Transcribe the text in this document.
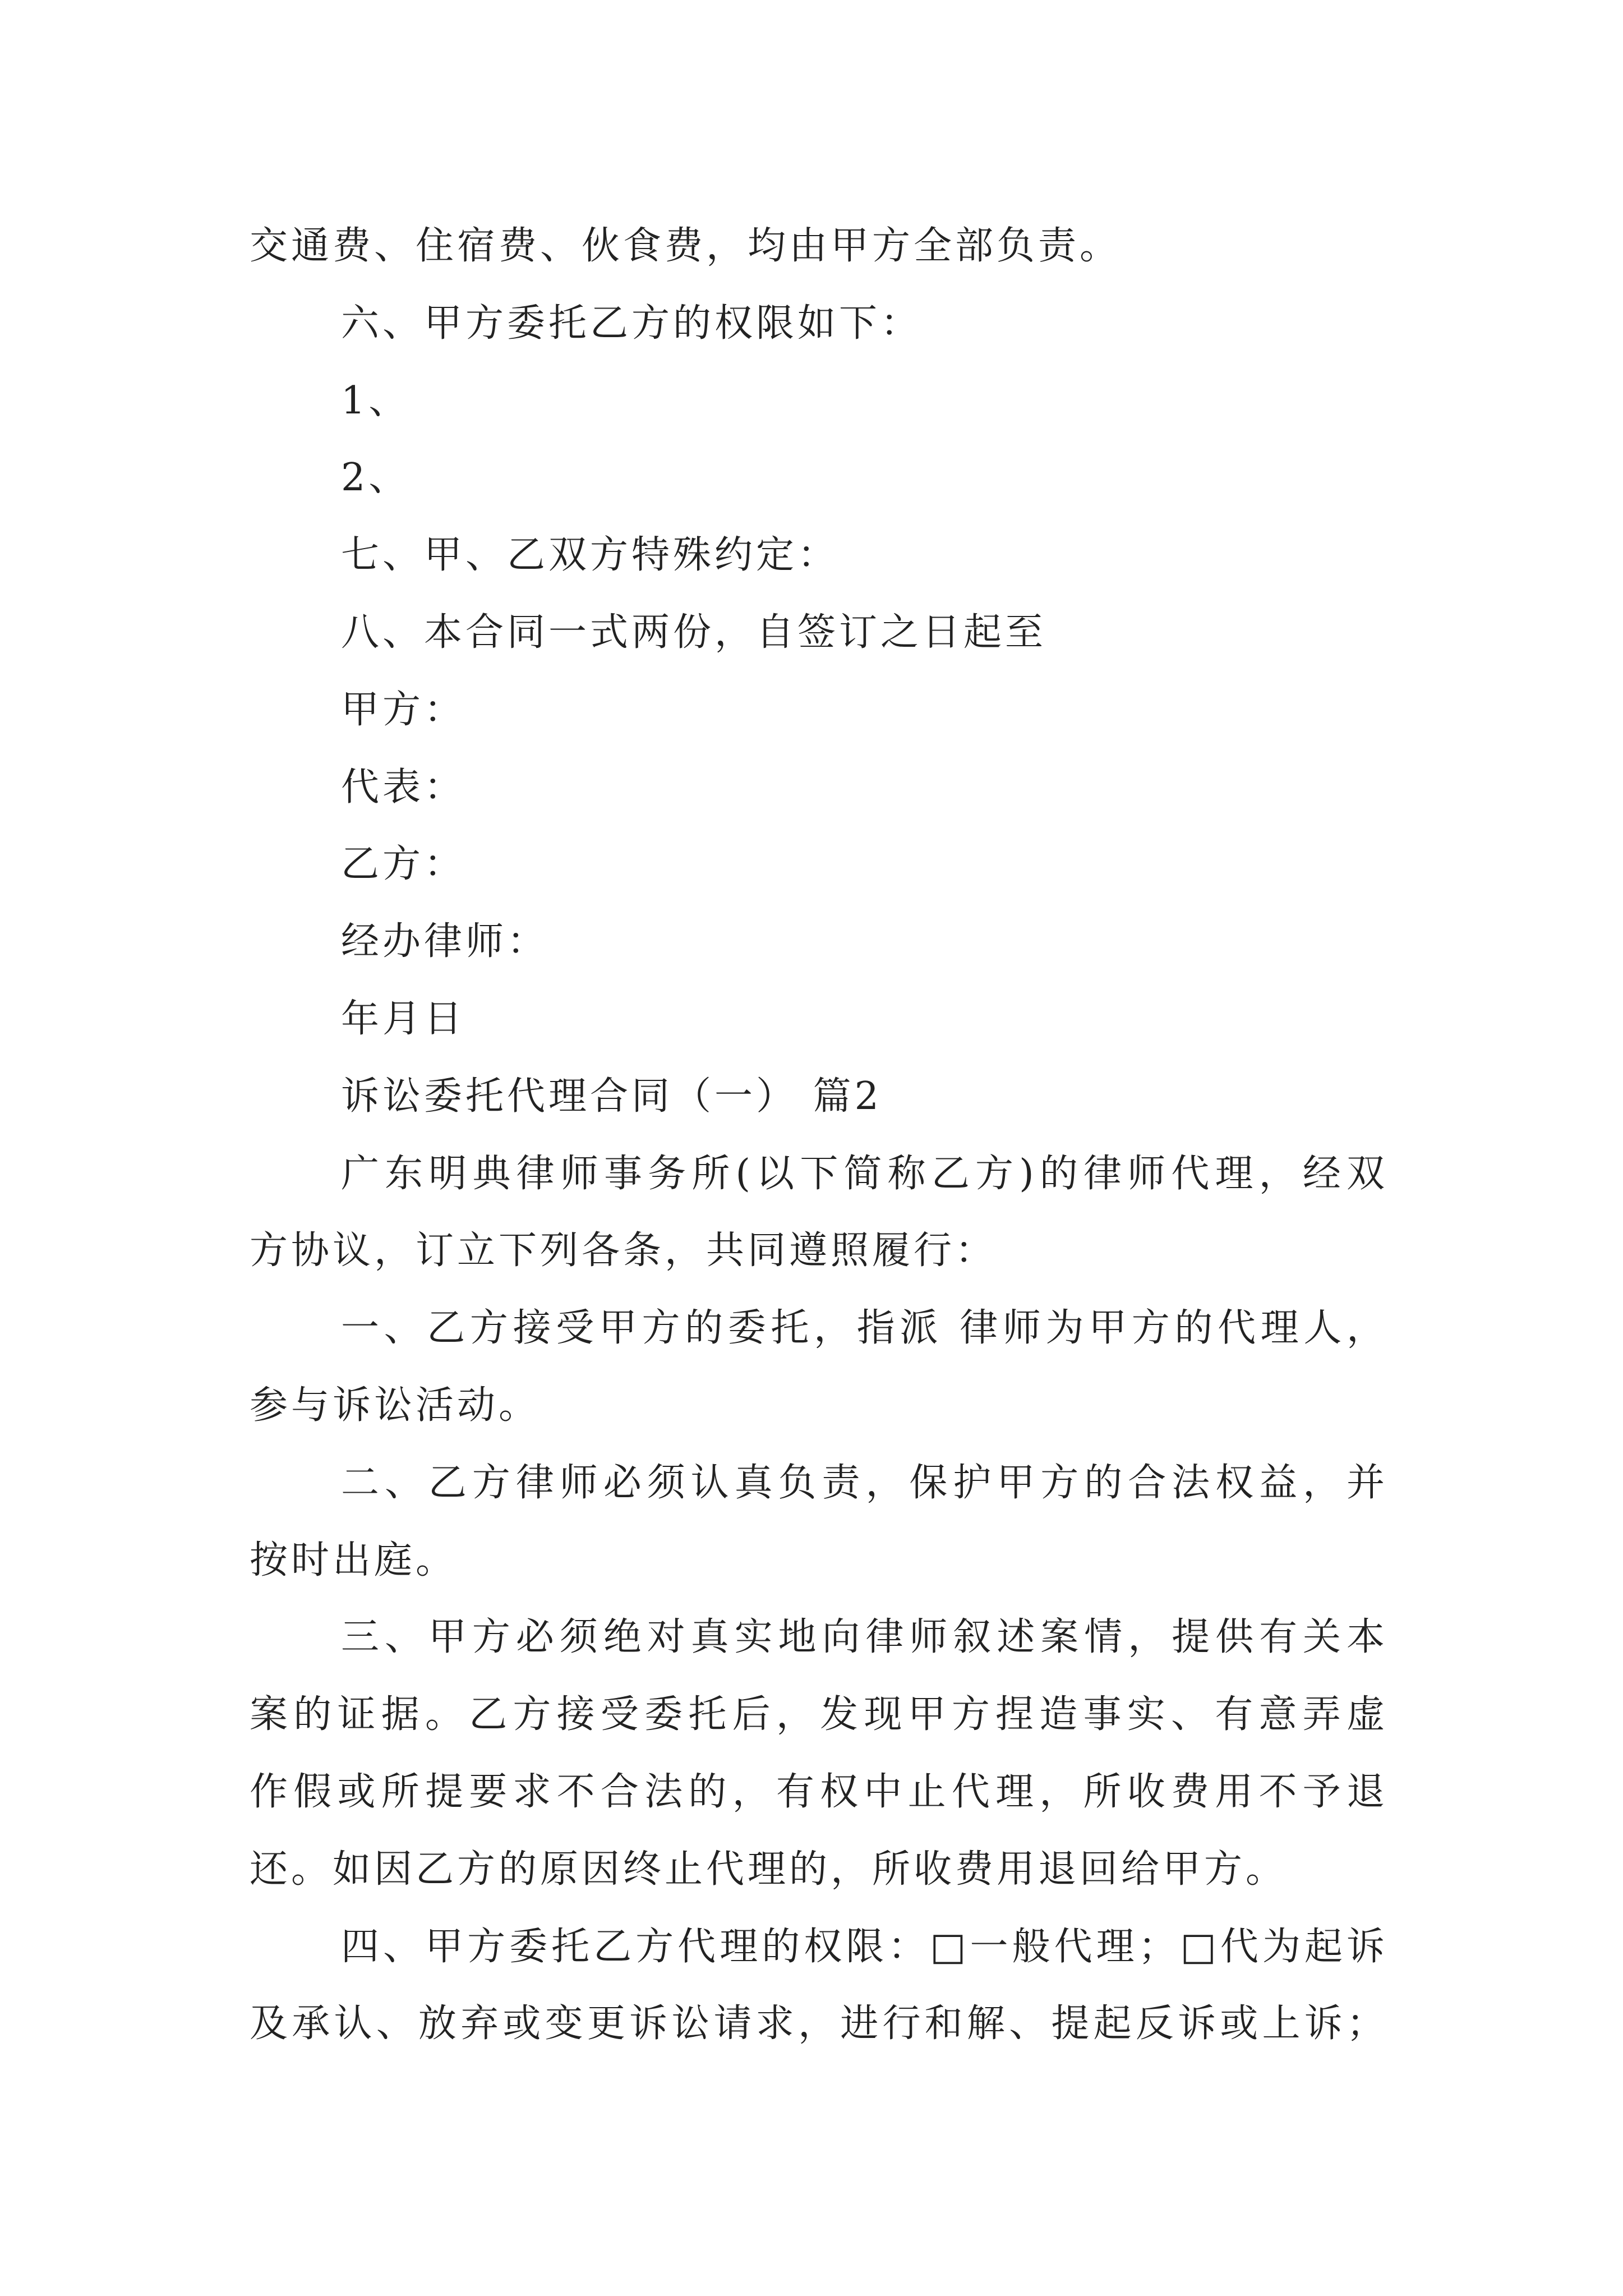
交通费、住宿费、伙食费，均由甲方全部负责。
六、甲方委托乙方的权限如下：
1、
2、
七、甲、乙双方特殊约定：
八、本合同一式两份，自签订之日起至
甲方：
代表：
乙方：
经办律师：
年月日
诉讼委托代理合同（一） 篇2
广东明典律师事务所(以下简称乙方)的律师代理，经双
方协议，订立下列各条，共同遵照履行：
一、乙方接受甲方的委托，指派 律师为甲方的代理人，
参与诉讼活动。
二、乙方律师必须认真负责，保护甲方的合法权益，并
按时出庭。
三、甲方必须绝对真实地向律师叙述案情，提供有关本
案的证据。乙方接受委托后，发现甲方捏造事实、有意弄虚
作假或所提要求不合法的，有权中止代理，所收费用不予退
还。如因乙方的原因终止代理的，所收费用退回给甲方。
四、甲方委托乙方代理的权限：□一般代理；□代为起诉
及承认、放弃或变更诉讼请求，进行和解、提起反诉或上诉；
